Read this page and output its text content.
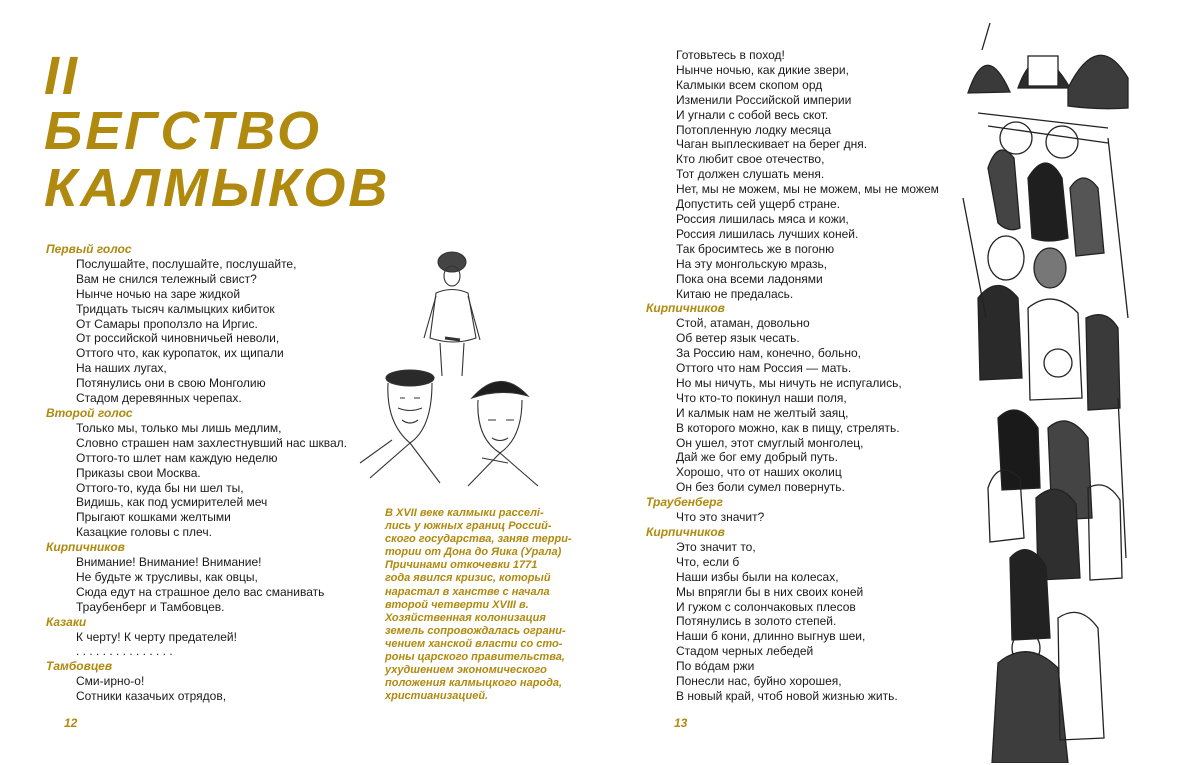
II
БЕГСТВО
КАЛМЫКОВ
Первый голос
Послушайте, послушайте, послушайте,
Вам не снился тележный свист?
Нынче ночью на заре жидкой
Тридцать тысяч калмыцких кибиток
От Самары проползло на Иргис.
От российской чиновничьей неволи,
Оттого что, как куропаток, их щипали
На наших лугах,
Потянулись они в свою Монголию
Стадом деревянных черепах.
Второй голос
Только мы, только мы лишь медлим,
Словно страшен нам захлестнувший нас шквал.
Оттого-то шлет нам каждую неделю
Приказы свои Москва.
Оттого-то, куда бы ни шел ты,
Видишь, как под усмирителей меч
Прыгают кошками желтыми
Казацкие головы с плеч.
Кирпичников
Внимание! Внимание! Внимание!
Не будьте ж трусливы, как овцы,
Сюда едут на страшное дело вас сманивать
Траубенберг и Тамбовцев.
Казаки
К черту! К черту предателей!
. . . . . . . . . . . . . . .
Тамбовцев
Сми-ирно-о!
Сотники казачьих отрядов,
В XVII веке калмыки расселі-
лись у южных границ Россий-
ского государства, заняв терри-
тории от Дона до Яика (Урала)
Причинами откочевки 1771
года явился кризис, который
нарастал в ханстве с начала
второй четверти XVIII в.
Хозяйственная колонизация
земель сопровождалась ограни-
чением ханской власти со сто-
роны царского правительства,
ухудшением экономического
положения калмыцкого народа,
христианизацией.
12
Готовьтесь в поход!
Нынче ночью, как дикие звери,
Калмыки всем скопом орд
Изменили Российской империи
И угнали с собой весь скот.
Потопленную лодку месяца
Чаган выплескивает на берег дня.
Кто любит свое отечество,
Тот должен слушать меня.
Нет, мы не можем, мы не можем, мы не можем
Допустить сей ущерб стране.
Россия лишилась мяса и кожи,
Россия лишилась лучших коней.
Так бросимтесь же в погоню
На эту монгольскую мразь,
Пока она всеми ладонями
Китаю не предалась.
Кирпичников
Стой, атаман, довольно
Об ветер язык чесать.
За Россию нам, конечно, больно,
Оттого что нам Россия — мать.
Но мы ничуть, мы ничуть не испугались,
Что кто-то покинул наши поля,
И калмык нам не желтый заяц,
В которого можно, как в пищу, стрелять.
Он ушел, этот смуглый монголец,
Дай же бог ему добрый путь.
Хорошо, что от наших околиц
Он без боли сумел повернуть.
Траубенберг
Что это значит?
Кирпичников
Это значит то,
Что, если б
Наши избы были на колесах,
Мы впрягли бы в них своих коней
И гужом с солончаковых плесов
Потянулись в золото степей.
Наши б кони, длинно выгнув шеи,
Стадом черных лебедей
По вóдам ржи
Понесли нас, буйно хорошея,
В новый край, чтоб новой жизнью жить.
13
